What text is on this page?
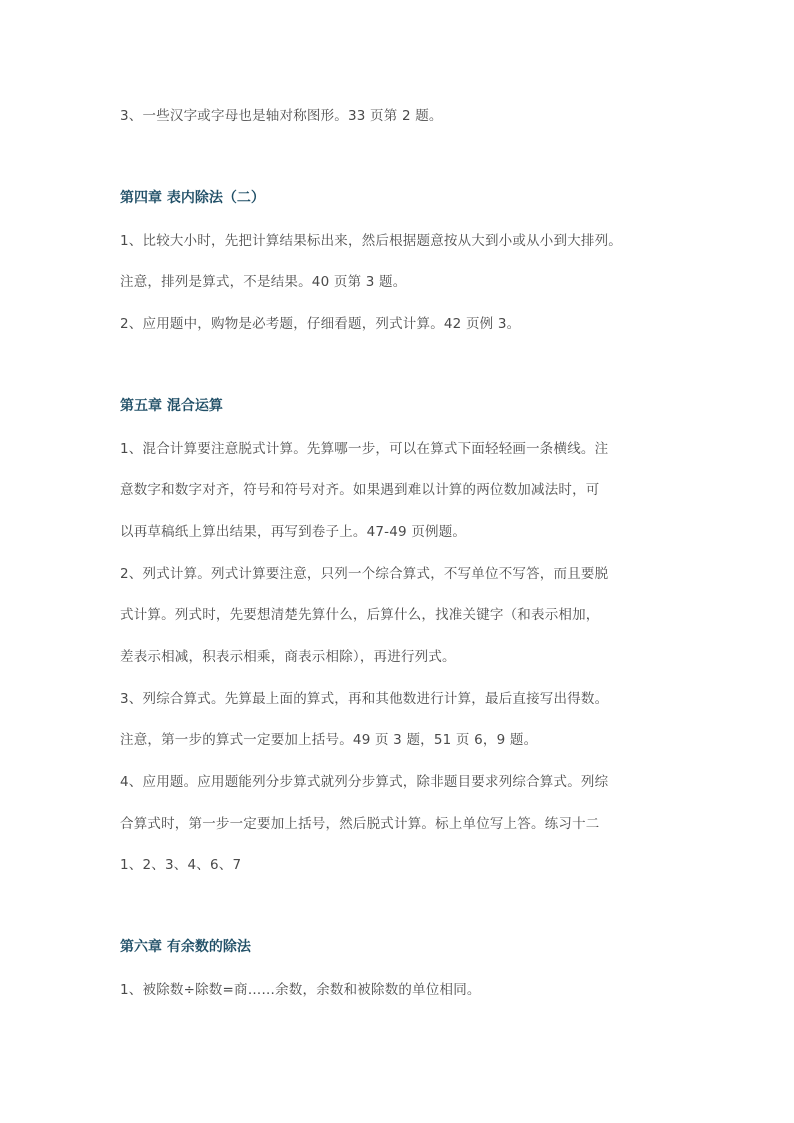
3、一些汉字或字母也是轴对称图形。33 页第 2 题。
第四章 表内除法（二）
1、比较大小时，先把计算结果标出来，然后根据题意按从大到小或从小到大排列。
注意，排列是算式，不是结果。40 页第 3 题。
2、应用题中，购物是必考题，仔细看题，列式计算。42 页例 3。
第五章 混合运算
1、混合计算要注意脱式计算。先算哪一步，可以在算式下面轻轻画一条横线。注
意数字和数字对齐，符号和符号对齐。如果遇到难以计算的两位数加减法时，可
以再草稿纸上算出结果，再写到卷子上。47-49 页例题。
2、列式计算。列式计算要注意，只列一个综合算式，不写单位不写答，而且要脱
式计算。列式时，先要想清楚先算什么，后算什么，找准关键字（和表示相加，
差表示相减，积表示相乘，商表示相除），再进行列式。
3、列综合算式。先算最上面的算式，再和其他数进行计算，最后直接写出得数。
注意，第一步的算式一定要加上括号。49 页 3 题，51 页 6，9 题。
4、应用题。应用题能列分步算式就列分步算式，除非题目要求列综合算式。列综
合算式时，第一步一定要加上括号，然后脱式计算。标上单位写上答。练习十二
1、2、3、4、6、7
第六章 有余数的除法
1、被除数÷除数=商……余数，余数和被除数的单位相同。
